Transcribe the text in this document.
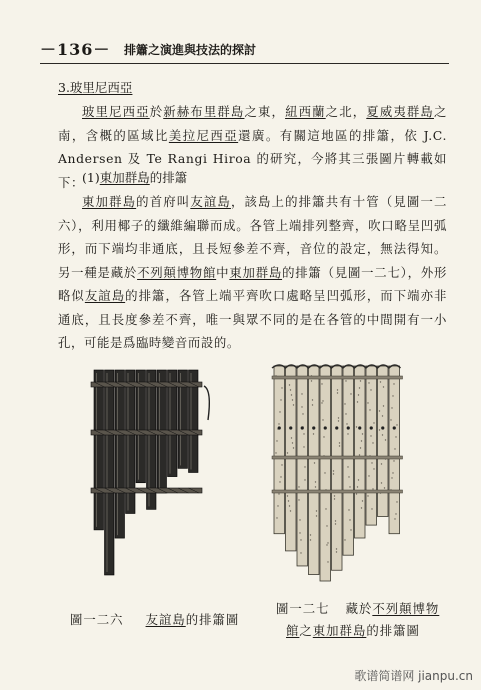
－136－ 排簫之演進與技法的探討
3.玻里尼西亞
玻里尼西亞於新赫布里群島之東，紐西蘭之北，夏威夷群島之南，含概的區域比美拉尼西亞還廣。有關這地區的排簫，依 J.C. Andersen 及 Te Rangi Hiroa 的研究，今將其三張圖片轉載如下：
(1)東加群島的排簫
東加群島的首府叫友誼島，該島上的排簫共有十管（見圖一二六），利用椰子的纖維編聯而成。各管上端排列整齊，吹口略呈凹弧形，而下端均非通底，且長短參差不齊，音位的設定，無法得知。另一種是藏於不列顛博物館中東加群島的排簫（見圖一二七），外形略似友誼島的排簫，各管上端平齊吹口處略呈凹弧形，而下端亦非通底，且長度參差不齊，唯一與眾不同的是在各管的中間開有一小孔，可能是爲臨時變音而設的。
圖一二六 友誼島的排簫圖
圖一二七 藏於不列顛博物
館之東加群島的排簫圖
歌谱简谱网 jianpu.cn
